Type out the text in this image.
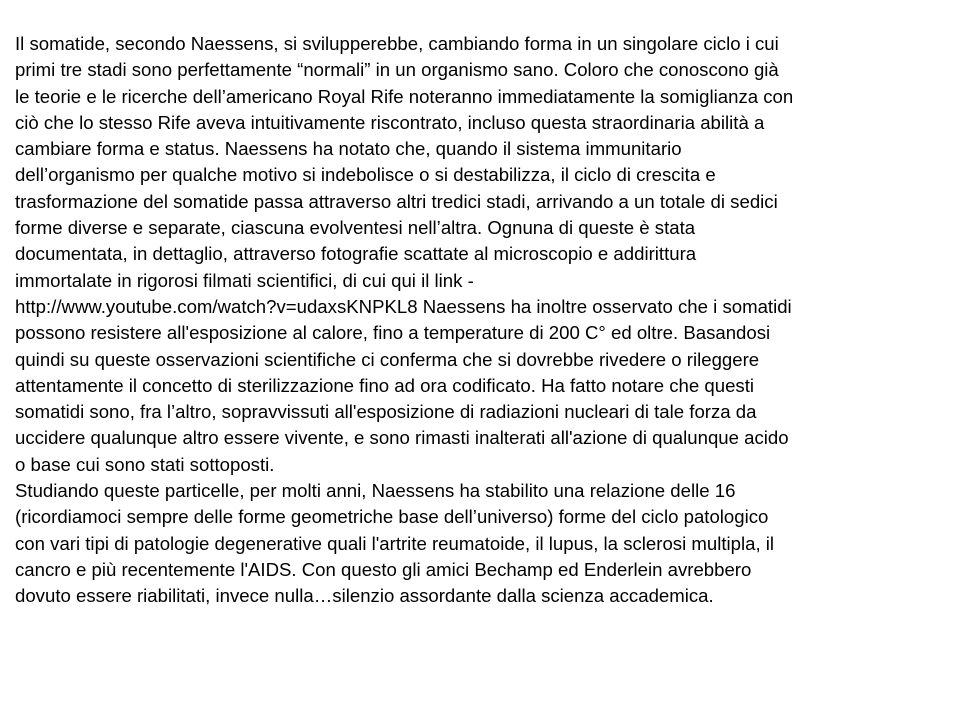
Il somatide, secondo Naessens, si svilupperebbe, cambiando forma in un singolare ciclo i cui
primi tre stadi sono perfettamente “normali” in un organismo sano. Coloro che conoscono già
le teorie e le ricerche dell’americano Royal Rife noteranno immediatamente la somiglianza con
ciò che lo stesso Rife aveva intuitivamente riscontrato, incluso questa straordinaria abilità a
cambiare forma e status. Naessens ha notato che, quando il sistema immunitario
dell’organismo per qualche motivo si indebolisce o si destabilizza, il ciclo di crescita e
trasformazione del somatide passa attraverso altri tredici stadi, arrivando a un totale di sedici
forme diverse e separate, ciascuna evolventesi nell’altra. Ognuna di queste è stata
documentata, in dettaglio, attraverso fotografie scattate al microscopio e addirittura
immortalate in rigorosi filmati scientifici, di cui qui il link -
http://www.youtube.com/watch?v=udaxsKNPKL8 Naessens ha inoltre osservato che i somatidi
possono resistere all'esposizione al calore, fino a temperature di 200 C° ed oltre. Basandosi
quindi su queste osservazioni scientifiche ci conferma che si dovrebbe rivedere o rileggere
attentamente il concetto di sterilizzazione fino ad ora codificato. Ha fatto notare che questi
somatidi sono, fra l’altro, sopravvissuti all'esposizione di radiazioni nucleari di tale forza da
uccidere qualunque altro essere vivente, e sono rimasti inalterati all'azione di qualunque acido
o base cui sono stati sottoposti.

Studiando queste particelle, per molti anni, Naessens ha stabilito una relazione delle 16
(ricordiamoci sempre delle forme geometriche base dell’universo) forme del ciclo patologico
con vari tipi di patologie degenerative quali l'artrite reumatoide, il lupus, la sclerosi multipla, il
cancro e più recentemente l'AIDS. Con questo gli amici Bechamp ed Enderlein avrebbero
dovuto essere riabilitati, invece nulla…silenzio assordante dalla scienza accademica.
